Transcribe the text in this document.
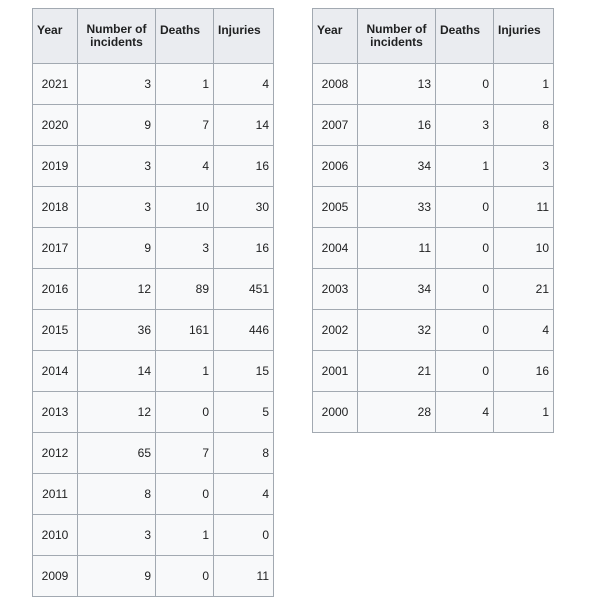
Year	Number of incidents	Deaths	Injuries
2021	3	1	4
2020	9	7	14
2019	3	4	16
2018	3	10	30
2017	9	3	16
2016	12	89	451
2015	36	161	446
2014	14	1	15
2013	12	0	5
2012	65	7	8
2011	8	0	4
2010	3	1	0
2009	9	0	11
Year	Number of incidents	Deaths	Injuries
2008	13	0	1
2007	16	3	8
2006	34	1	3
2005	33	0	11
2004	11	0	10
2003	34	0	21
2002	32	0	4
2001	21	0	16
2000	28	4	1
